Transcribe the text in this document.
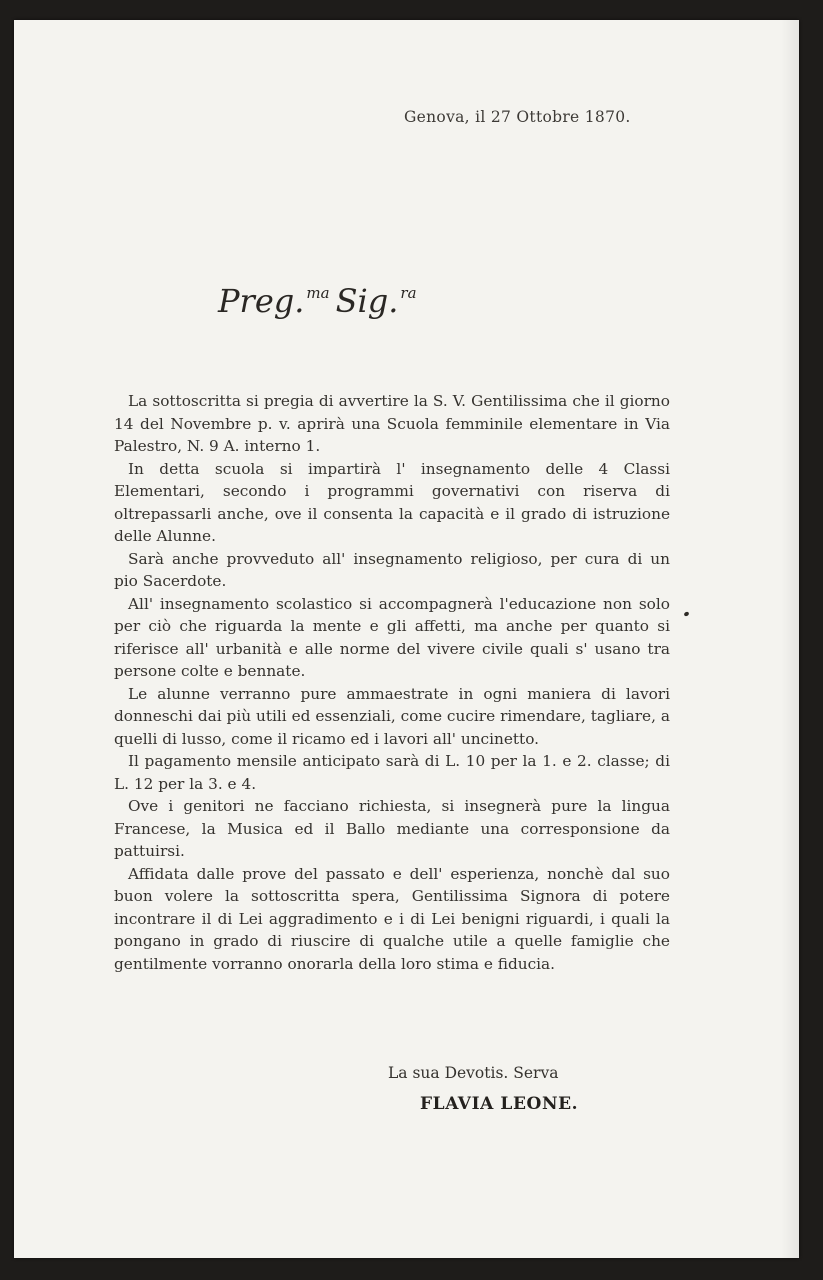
Genova, il 27 Ottobre 1870.
Preg. $^{ma}$ Sig. $^{ra}$

La sottoscritta si pregia di avvertire la S. V. Gentilissima che il giorno 14 del Novembre p. v. aprirà una Scuola femminile elementare in Via Palestro, N. 9 A. interno 1.

In detta scuola si impartirà l' insegnamento delle 4 Classi Elementari, secondo i programmi governativi con riserva di oltrepassarli anche, ove il consenta la capacità e il grado di istruzione delle Alunne.

Sarà anche provveduto all' insegnamento religioso, per cura di un pio Sacerdote.

All' insegnamento scolastico si accompagnerà l'educazione non solo per ciò che riguarda la mente e gli affetti, ma anche per quanto si riferisce all' urbanità e alle norme del vivere civile quali s' usano tra persone colte e bennate.

Le alunne verranno pure ammaestrate in ogni maniera di lavori donneschi dai più utili ed essenziali, come cucire rimendare, tagliare, a quelli di lusso, come il ricamo ed i lavori all' uncinetto.

Il pagamento mensile anticipato sarà di L. 10 per la 1. e 2. classe; di L. 12 per la 3. e 4.

Ove i genitori ne facciano richiesta, si insegnerà pure la lingua Francese, la Musica ed il Ballo mediante una corresponsione da pattuirsi.

Affidata dalle prove del passato e dell' esperienza, nonchè dal suo buon volere la sottoscritta spera, Gentilissima Signora di potere incontrare il di Lei aggradimento e i di Lei benigni riguardi, i quali la pongano in grado di riuscire di qualche utile a quelle famiglie che gentilmente vorranno onorarla della loro stima e fiducia.

La sua Devotis. Serva
FLAVIA LEONE.
